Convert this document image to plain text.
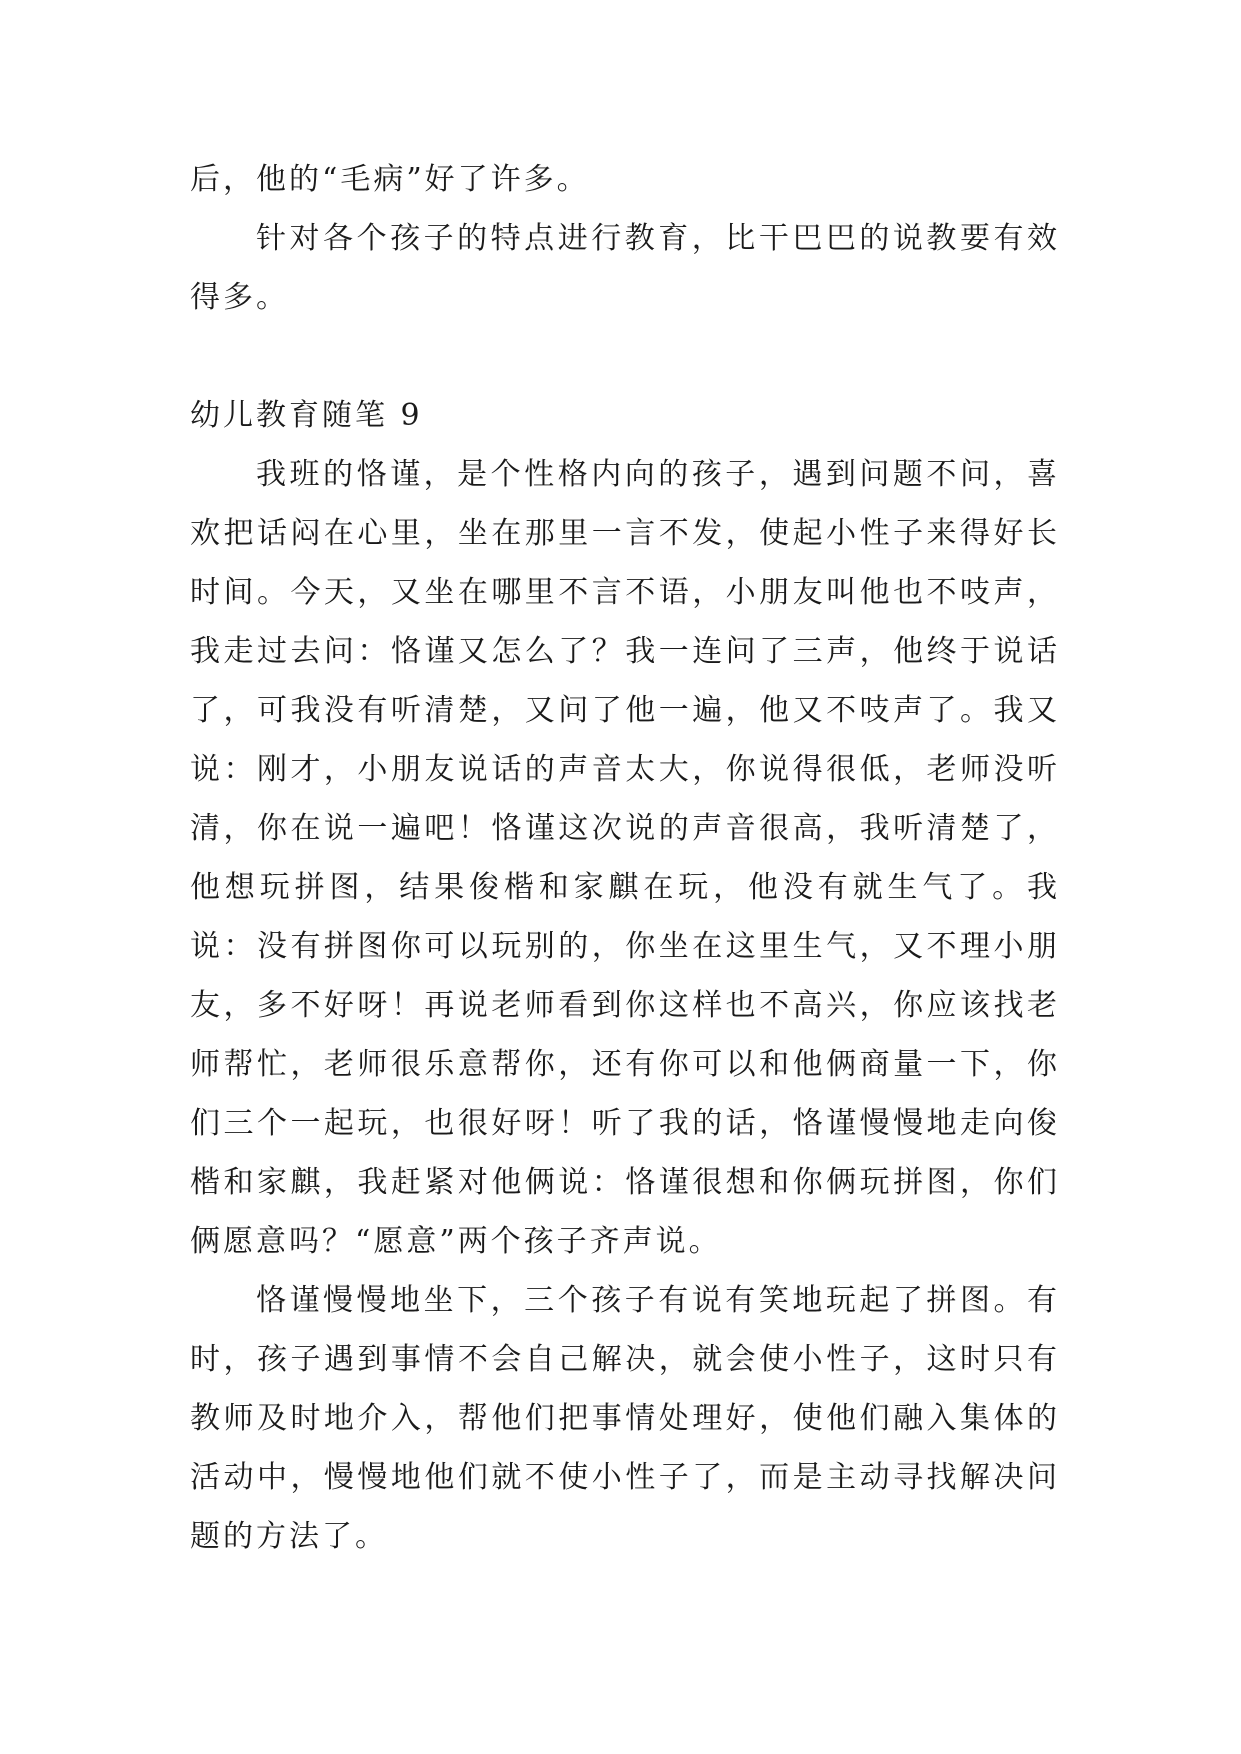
后，他的“毛病”好了许多。

针对各个孩子的特点进行教育，比干巴巴的说教要有效得多。

幼儿教育随笔 9

我班的恪谨，是个性格内向的孩子，遇到问题不问，喜欢把话闷在心里，坐在那里一言不发，使起小性子来得好长时间。今天，又坐在哪里不言不语，小朋友叫他也不吱声，我走过去问：恪谨又怎么了？我一连问了三声，他终于说话了，可我没有听清楚，又问了他一遍，他又不吱声了。我又说：刚才，小朋友说话的声音太大，你说得很低，老师没听清，你在说一遍吧！恪谨这次说的声音很高，我听清楚了，他想玩拼图，结果俊楷和家麒在玩，他没有就生气了。我说：没有拼图你可以玩别的，你坐在这里生气，又不理小朋友，多不好呀！再说老师看到你这样也不高兴，你应该找老师帮忙，老师很乐意帮你，还有你可以和他俩商量一下，你们三个一起玩，也很好呀！听了我的话，恪谨慢慢地走向俊楷和家麒，我赶紧对他俩说：恪谨很想和你俩玩拼图，你们俩愿意吗？“愿意”两个孩子齐声说。

恪谨慢慢地坐下，三个孩子有说有笑地玩起了拼图。有时，孩子遇到事情不会自己解决，就会使小性子，这时只有教师及时地介入，帮他们把事情处理好，使他们融入集体的活动中，慢慢地他们就不使小性子了，而是主动寻找解决问题的方法了。
